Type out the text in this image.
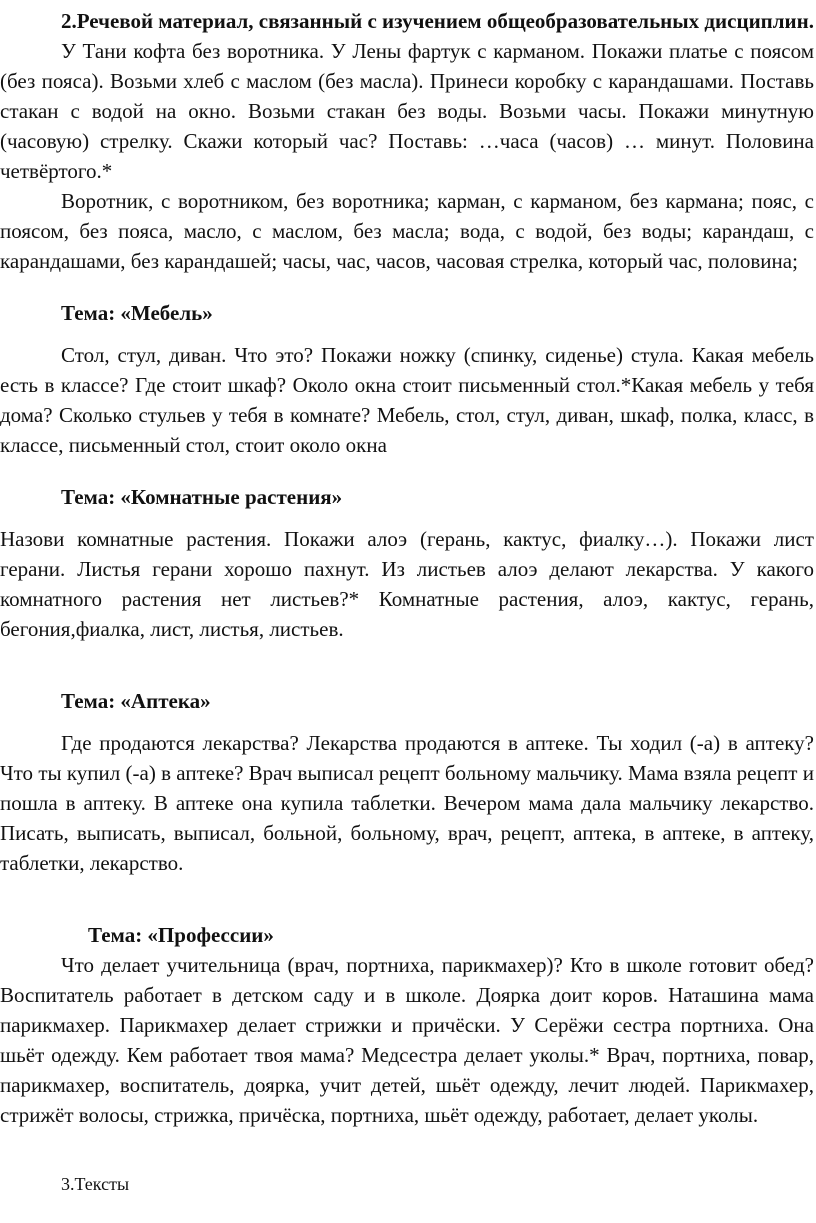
2.Речевой материал, связанный с изучением общеобразовательных дисциплин.

У Тани кофта без воротника. У Лены фартук с карманом. Покажи платье с поясом (без пояса). Возьми хлеб с маслом (без масла). Принеси коробку с карандашами. Поставь стакан с водой на окно. Возьми стакан без воды. Возьми часы. Покажи минутную (часовую) стрелку. Скажи который час? Поставь: …часа (часов) … минут. Половина четвёртого.*

Воротник, с воротником, без воротника; карман, с карманом, без кармана; пояс, с поясом, без пояса, масло, с маслом, без масла; вода, с водой, без воды; карандаш, с карандашами, без карандашей; часы, час, часов, часовая стрелка, который час, половина;

Тема: «Мебель»

Стол, стул, диван. Что это? Покажи ножку (спинку, сиденье) стула. Какая мебель есть в классе? Где стоит шкаф? Около окна стоит письменный стол.*Какая мебель у тебя дома? Сколько стульев у тебя в комнате? Мебель, стол, стул, диван, шкаф, полка, класс, в классе, письменный стол, стоит около окна

Тема: «Комнатные растения»

Назови комнатные растения. Покажи алоэ (герань, кактус, фиалку…). Покажи лист герани. Листья герани хорошо пахнут. Из листьев алоэ делают лекарства. У какого комнатного растения нет листьев?* Комнатные растения, алоэ, кактус, герань, бегония,фиалка, лист, листья, листьев.

Тема: «Аптека»

Где продаются лекарства? Лекарства продаются в аптеке. Ты ходил (-а) в аптеку? Что ты купил (-а) в аптеке? Врач выписал рецепт больному мальчику. Мама взяла рецепт и пошла в аптеку. В аптеке она купила таблетки. Вечером мама дала мальчику лекарство. Писать, выписать, выписал, больной, больному, врач, рецепт, аптека, в аптеке, в аптеку, таблетки, лекарство.

Тема: «Профессии»

Что делает учительница (врач, портниха, парикмахер)? Кто в школе готовит обед? Воспитатель работает в детском саду и в школе. Доярка доит коров. Наташина мама парикмахер. Парикмахер делает стрижки и причёски. У Серёжи сестра портниха. Она шьёт одежду. Кем работает твоя мама? Медсестра делает уколы.* Врач, портниха, повар, парикмахер, воспитатель, доярка, учит детей, шьёт одежду, лечит людей. Парикмахер, стрижёт волосы, стрижка, причёска, портниха, шьёт одежду, работает, делает уколы.

3.Тексты
